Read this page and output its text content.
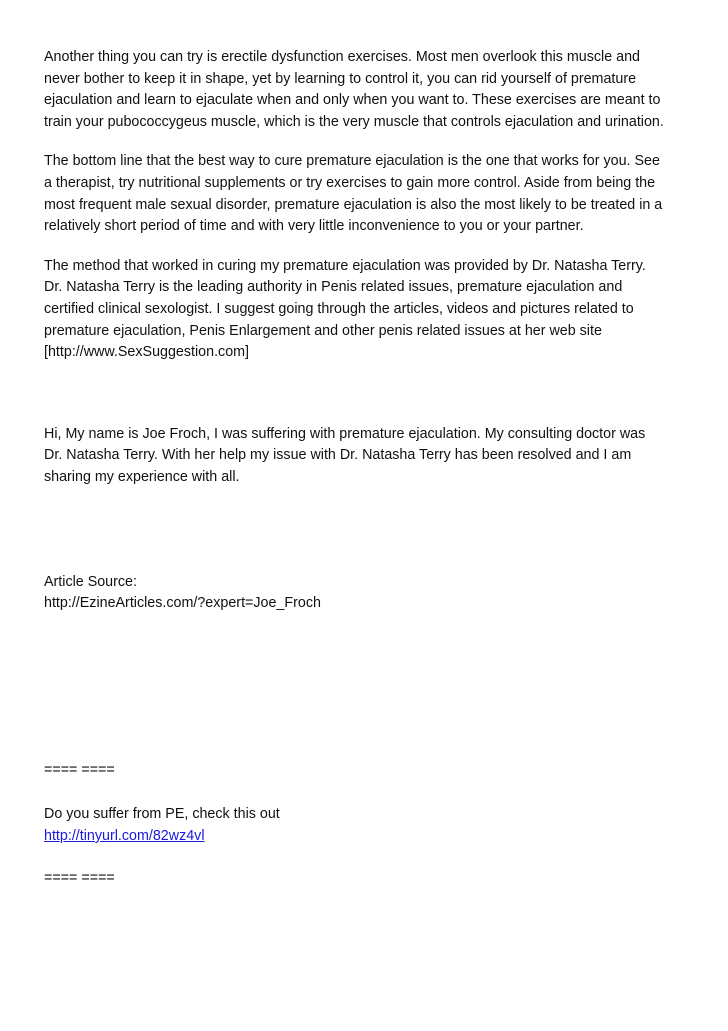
Another thing you can try is erectile dysfunction exercises. Most men overlook this muscle and
never bother to keep it in shape, yet by learning to control it, you can rid yourself of premature
ejaculation and learn to ejaculate when and only when you want to. These exercises are meant to
train your pubococcygeus muscle, which is the very muscle that controls ejaculation and urination.

The bottom line that the best way to cure premature ejaculation is the one that works for you. See
a therapist, try nutritional supplements or try exercises to gain more control. Aside from being the
most frequent male sexual disorder, premature ejaculation is also the most likely to be treated in a
relatively short period of time and with very little inconvenience to you or your partner.

The method that worked in curing my premature ejaculation was provided by Dr. Natasha Terry.
Dr. Natasha Terry is the leading authority in Penis related issues, premature ejaculation and
certified clinical sexologist. I suggest going through the articles, videos and pictures related to
premature ejaculation, Penis Enlargement and other penis related issues at her web site
[http://www.SexSuggestion.com]

Hi, My name is Joe Froch, I was suffering with premature ejaculation. My consulting doctor was
Dr. Natasha Terry. With her help my issue with Dr. Natasha Terry has been resolved and I am
sharing my experience with all.

Article Source:

http://EzineArticles.com/?expert=Joe_Froch

==== ====

Do you suffer from PE, check this out

http://tinyurl.com/82wz4vl

==== ====
